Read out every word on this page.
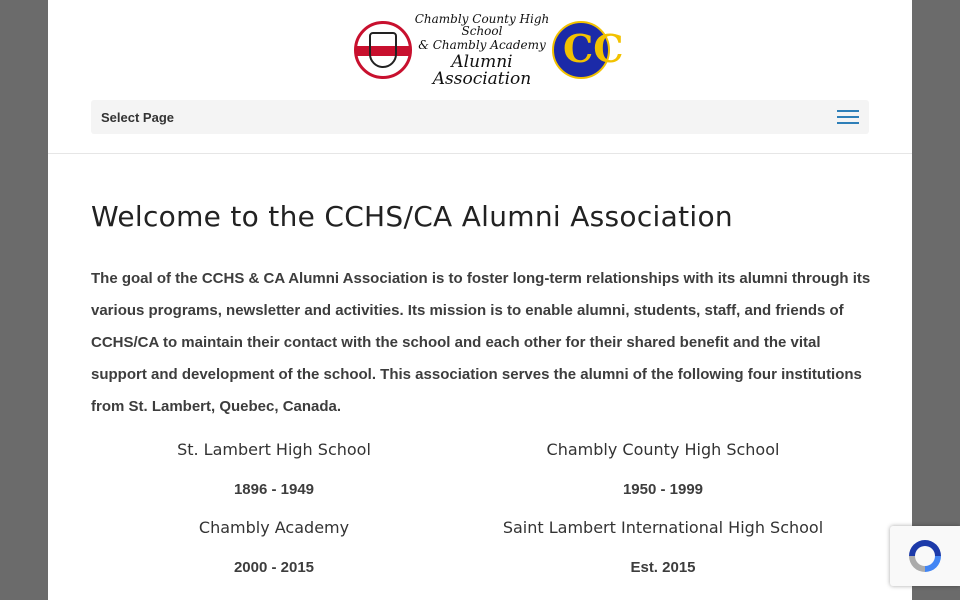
Chambly County High School
& Chambly Academy
Alumni Association
CC
Select Page
Welcome to the CCHS/CA Alumni Association

The goal of the CCHS & CA Alumni Association is to foster long-term relationships with its alumni through its various programs, newsletter and activities. Its mission is to enable alumni, students, staff, and friends of CCHS/CA to maintain their contact with the school and each other for their shared benefit and the vital support and development of the school. This association serves the alumni of the following four institutions from St. Lambert, Quebec, Canada.

St. Lambert High School
1896 - 1949
Chambly County High School
1950 - 1999
Chambly Academy
2000 - 2015
Saint Lambert International High School
Est. 2015
